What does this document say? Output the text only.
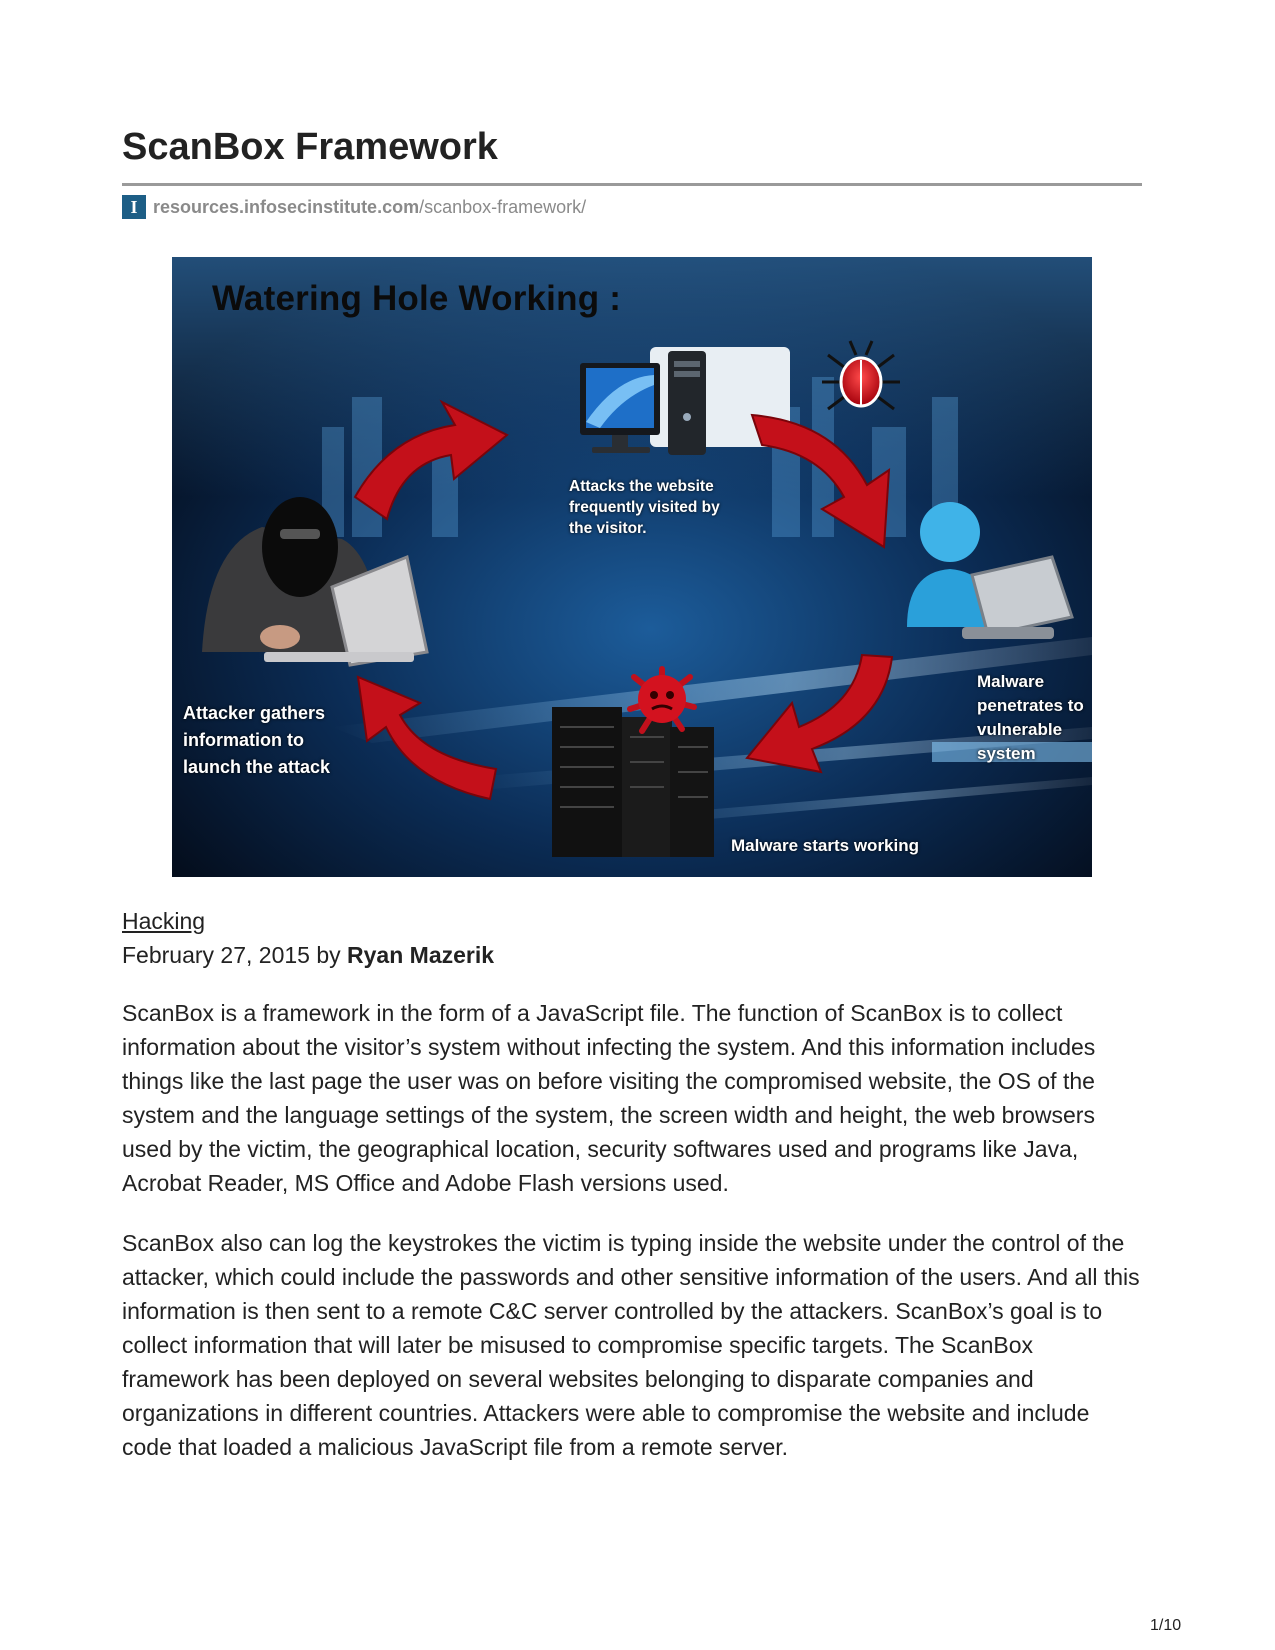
ScanBox Framework
I resources.infosecinstitute.com /scanbox-framework/
Watering Hole Working :
Attacks the website
frequently visited by
the visitor.
Attacker gathers
information to
launch the attack
Malware
penetrates to
vulnerable
system
Malware starts working
Hacking
February 27, 2015 by Ryan Mazerik

ScanBox is a framework in the form of a JavaScript file. The function of ScanBox is to collect information about the visitor’s system without infecting the system. And this information includes things like the last page the user was on before visiting the compromised website, the OS of the system and the language settings of the system, the screen width and height, the web browsers used by the victim, the geographical location, security softwares used and programs like Java, Acrobat Reader, MS Office and Adobe Flash versions used.

ScanBox also can log the keystrokes the victim is typing inside the website under the control of the attacker, which could include the passwords and other sensitive information of the users. And all this information is then sent to a remote C&C server controlled by the attackers. ScanBox’s goal is to collect information that will later be misused to compromise specific targets. The ScanBox framework has been deployed on several websites belonging to disparate companies and organizations in different countries. Attackers were able to compromise the website and include code that loaded a malicious JavaScript file from a remote server.

1/10
